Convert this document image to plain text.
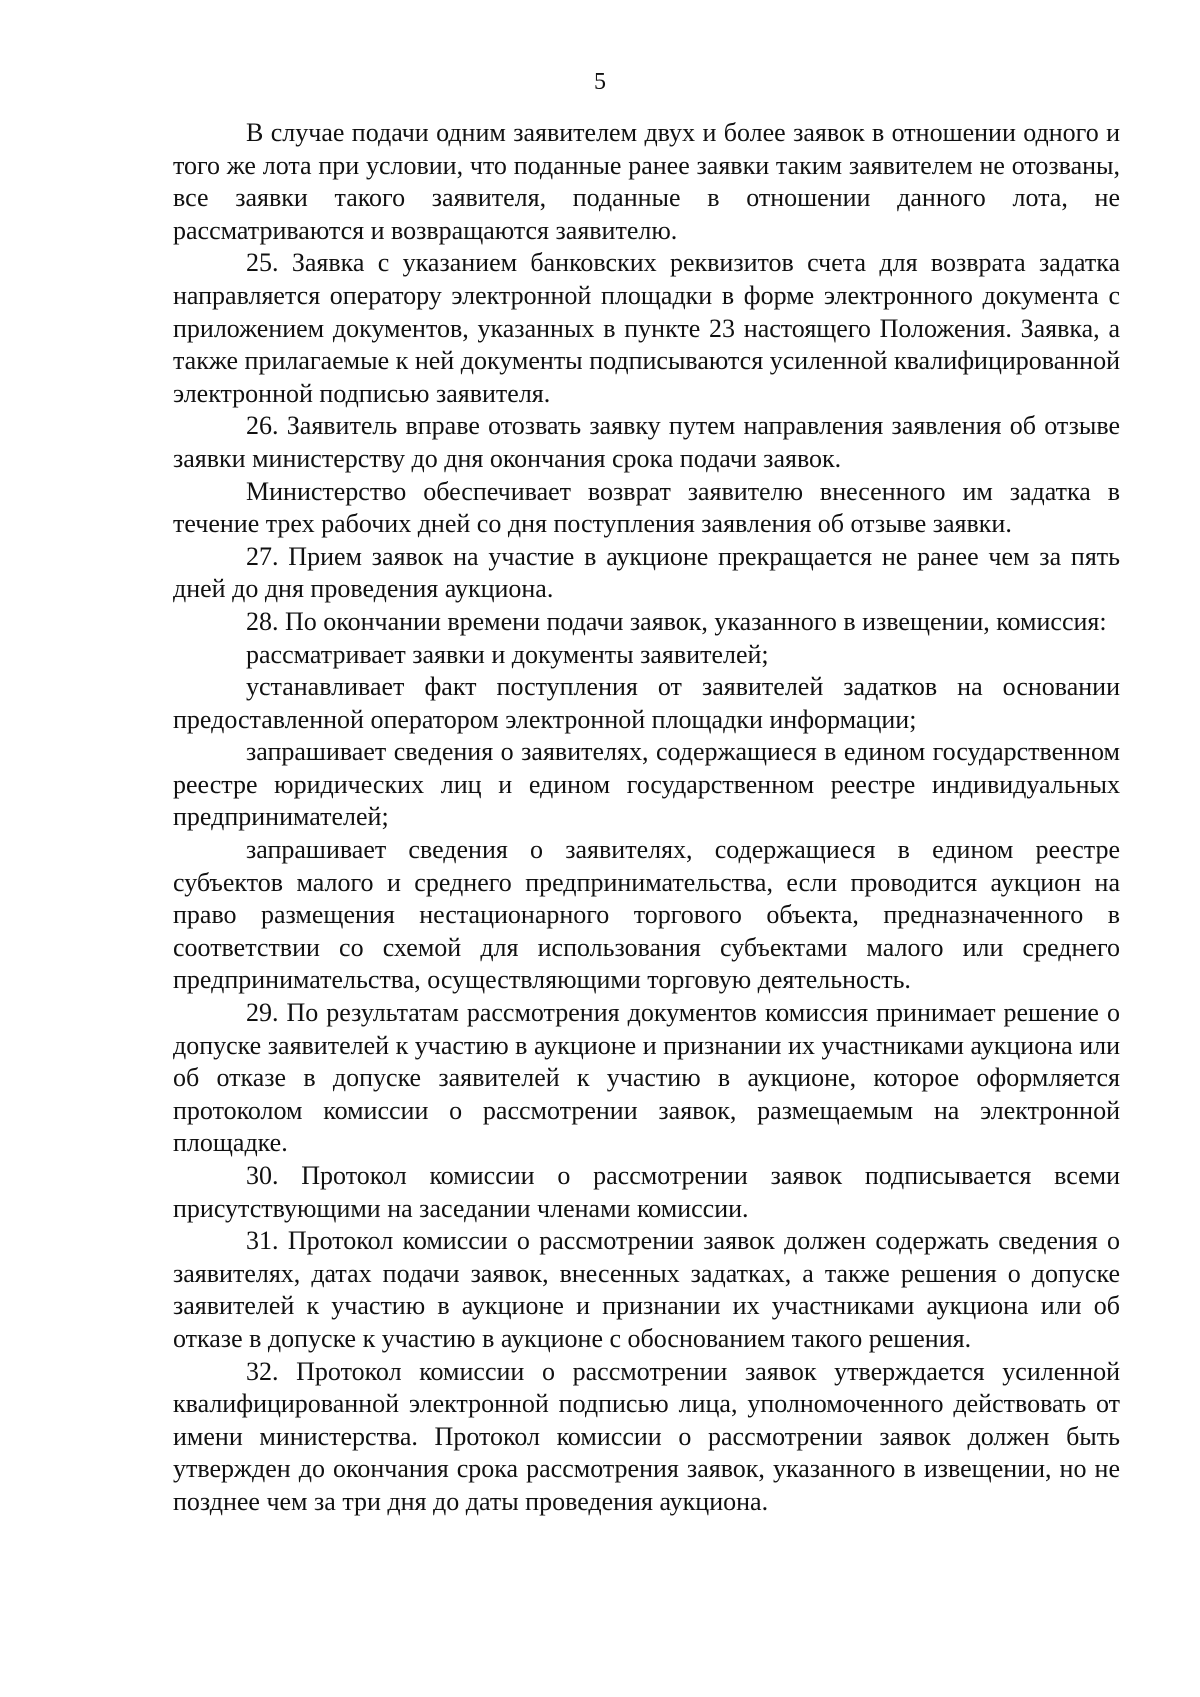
5

В случае подачи одним заявителем двух и более заявок в отношении одного и того же лота при условии, что поданные ранее заявки таким заявителем не отозваны, все заявки такого заявителя, поданные в отношении данного лота, не рассматриваются и возвращаются заявителю.

25. Заявка с указанием банковских реквизитов счета для возврата задатка направляется оператору электронной площадки в форме электронного документа с приложением документов, указанных в пункте 23 настоящего Положения. Заявка, а также прилагаемые к ней документы подписываются усиленной квалифицированной электронной подписью заявителя.

26. Заявитель вправе отозвать заявку путем направления заявления об отзыве заявки министерству до дня окончания срока подачи заявок.

Министерство обеспечивает возврат заявителю внесенного им задатка в течение трех рабочих дней со дня поступления заявления об отзыве заявки.

27. Прием заявок на участие в аукционе прекращается не ранее чем за пять дней до дня проведения аукциона.

28. По окончании времени подачи заявок, указанного в извещении, комиссия:

рассматривает заявки и документы заявителей;

устанавливает факт поступления от заявителей задатков на основании предоставленной оператором электронной площадки информации;

запрашивает сведения о заявителях, содержащиеся в едином государственном реестре юридических лиц и едином государственном реестре индивидуальных предпринимателей;

запрашивает сведения о заявителях, содержащиеся в едином реестре субъектов малого и среднего предпринимательства, если проводится аукцион на право размещения нестационарного торгового объекта, предназначенного в соответствии со схемой для использования субъектами малого или среднего предпринимательства, осуществляющими торговую деятельность.

29. По результатам рассмотрения документов комиссия принимает решение о допуске заявителей к участию в аукционе и признании их участниками аукциона или об отказе в допуске заявителей к участию в аукционе, которое оформляется протоколом комиссии о рассмотрении заявок, размещаемым на электронной площадке.

30. Протокол комиссии о рассмотрении заявок подписывается всеми присутствующими на заседании членами комиссии.

31. Протокол комиссии о рассмотрении заявок должен содержать сведения о заявителях, датах подачи заявок, внесенных задатках, а также решения о допуске заявителей к участию в аукционе и признании их участниками аукциона или об отказе в допуске к участию в аукционе с обоснованием такого решения.

32. Протокол комиссии о рассмотрении заявок утверждается усиленной квалифицированной электронной подписью лица, уполномоченного действовать от имени министерства. Протокол комиссии о рассмотрении заявок должен быть утвержден до окончания срока рассмотрения заявок, указанного в извещении, но не позднее чем за три дня до даты проведения аукциона.
